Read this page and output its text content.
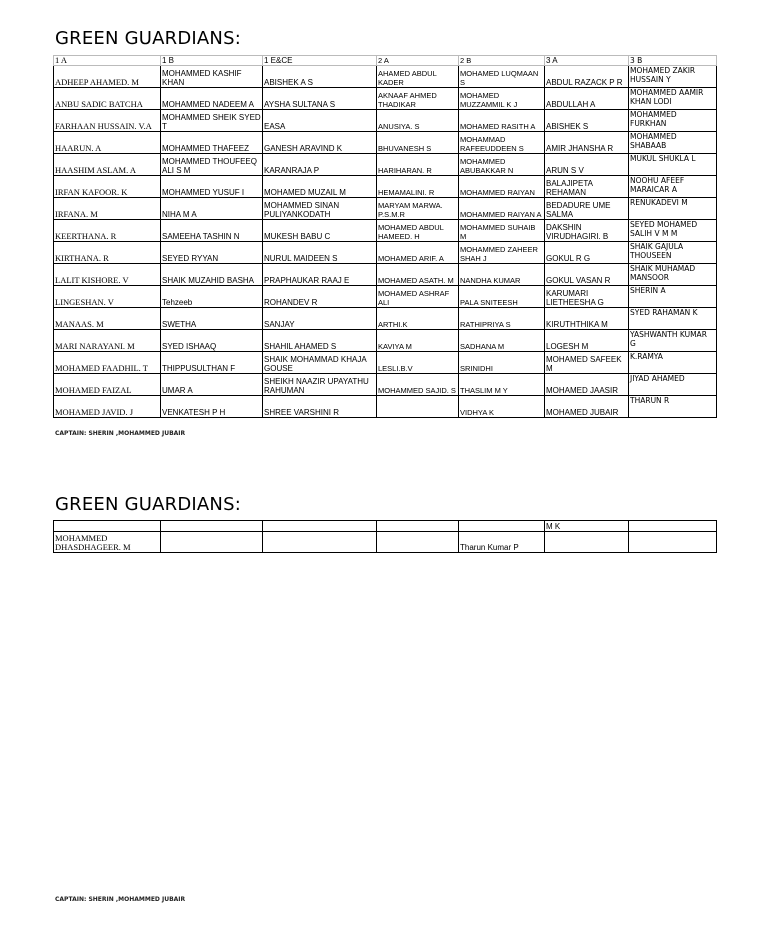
GREEN GUARDIANS:
1 A	1 B	1 E&CE	2 A	2 B	3 A	3 B
ADHEEP AHAMED. M	MOHAMMED KASHIF KHAN	ABISHEK A S	AHAMED ABDUL KADER	MOHAMED LUQMAAN S	ABDUL RAZACK P R	MOHAMED ZAKIR HUSSAIN Y
ANBU SADIC BATCHA	MOHAMMED NADEEM A	AYSHA SULTANA S	AKNAAF AHMED THADIKAR	MOHAMED MUZZAMMIL K J	ABDULLAH A	MOHAMMED AAMIR KHAN LODI
FARHAAN HUSSAIN. V.A	MOHAMMED SHEIK SYED T	EASA	ANUSIYA. S	MOHAMED RASITH A	ABISHEK S	MOHAMMED FURKHAN
HAARUN. A	MOHAMMED THAFEEZ	GANESH ARAVIND K	BHUVANESH S	MOHAMMAD RAFEEUDDEEN S	AMIR JHANSHA R	MOHAMMED SHABAAB
HAASHIM ASLAM. A	MOHAMMED THOUFEEQ ALI S M	KARANRAJA P	HARIHARAN. R	MOHAMMED ABUBAKKAR N	ARUN S V	MUKUL SHUKLA L
IRFAN KAFOOR. K	MOHAMMED YUSUF I	MOHAMED MUZAIL M	HEMAMALINI. R	MOHAMMED RAIYAN	BALAJIPETA REHAMAN	NOOHU AFEEF MARAICAR A
IRFANA. M	NIHA M A	MOHAMMED SINAN PULIYANKODATH	MARYAM MARWA. P.S.M.R	MOHAMMED RAIYAN A	BEDADURE UME SALMA	RENUKADEVI M
KEERTHANA. R	SAMEEHA TASHIN N	MUKESH BABU C	MOHAMED ABDUL HAMEED. H	MOHAMMED SUHAIB M	DAKSHIN VIRUDHAGIRI. B	SEYED MOHAMED SALIH V M M
KIRTHANA. R	SEYED RYYAN	NURUL MAIDEEN S	MOHAMED ARIF. A	MOHAMMED ZAHEER SHAH J	GOKUL R G	SHAIK GAJULA THOUSEEN
LALIT KISHORE. V	SHAIK MUZAHID BASHA	PRAPHAUKAR RAAJ E	MOHAMED ASATH. M	NANDHA KUMAR	GOKUL VASAN R	SHAIK MUHAMAD MANSOOR
LINGESHAN. V	Tehzeeb	ROHANDEV R	MOHAMED ASHRAF ALI	PALA SNITEESH	KARUMARI LIETHEESHA G	SHERIN A
MANAAS. M	SWETHA	SANJAY	ARTHI.K	RATHIPRIYA S	KIRUTHTHIKA M	SYED RAHAMAN K
MARI NARAYANI. M	SYED ISHAAQ	SHAHIL AHAMED S	KAVIYA M	SADHANA M	LOGESH M	YASHWANTH KUMAR G
MOHAMED FAADHIL. T	THIPPUSULTHAN F	SHAIK MOHAMMAD KHAJA GOUSE	LESLI.B.V	SRINIDHI	MOHAMED SAFEEK M	K.RAMYA
MOHAMED FAIZAL	UMAR A	SHEIKH NAAZIR UPAYATHU RAHUMAN	MOHAMMED SAJID. S	THASLIM M Y	MOHAMED JAASIR	JIYAD AHAMED
MOHAMED JAVID. J	VENKATESH P H	SHREE VARSHINI R		VIDHYA K	MOHAMED JUBAIR	THARUN R
CAPTAIN: SHERIN ,MOHAMMED JUBAIR
GREEN GUARDIANS:
					M K	
MOHAMMED DHASDHAGEER. M				Tharun Kumar P		
CAPTAIN: SHERIN ,MOHAMMED JUBAIR
